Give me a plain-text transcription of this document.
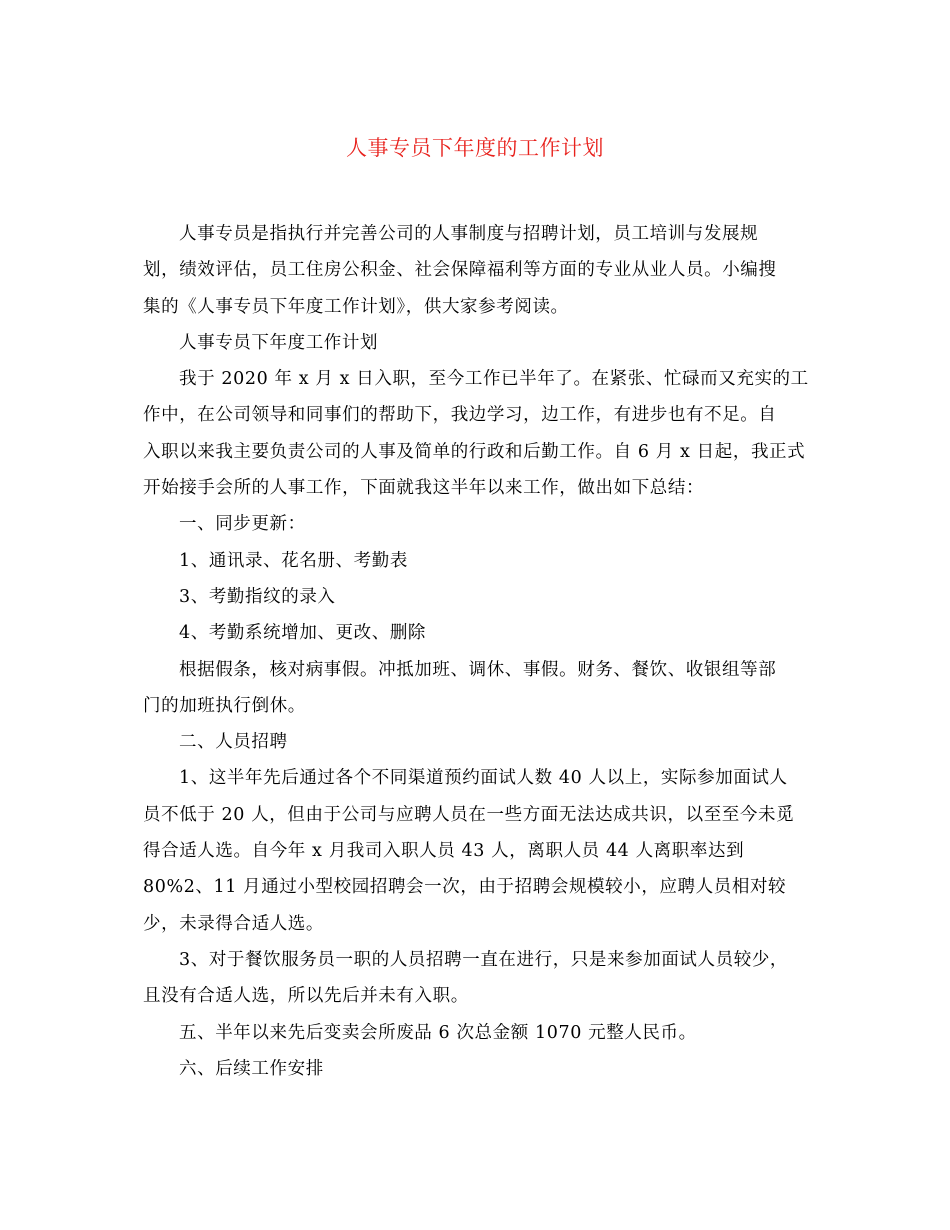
人事专员下年度的工作计划
人事专员是指执行并完善公司的人事制度与招聘计划，员工培训与发展规
划，绩效评估，员工住房公积金、社会保障福利等方面的专业从业人员。小编搜
集的《人事专员下年度工作计划》，供大家参考阅读。
人事专员下年度工作计划
我于 2020 年 x 月 x 日入职，至今工作已半年了。在紧张、忙碌而又充实的工
作中，在公司领导和同事们的帮助下，我边学习，边工作，有进步也有不足。自
入职以来我主要负责公司的人事及简单的行政和后勤工作。自 6 月 x 日起，我正式
开始接手会所的人事工作，下面就我这半年以来工作，做出如下总结：
一、同步更新：
1、通讯录、花名册、考勤表
3、考勤指纹的录入
4、考勤系统增加、更改、删除
根据假条，核对病事假。冲抵加班、调休、事假。财务、餐饮、收银组等部
门的加班执行倒休。
二、人员招聘
1、这半年先后通过各个不同渠道预约面试人数 40 人以上，实际参加面试人
员不低于 20 人，但由于公司与应聘人员在一些方面无法达成共识，以至至今未觅
得合适人选。自今年 x 月我司入职人员 43 人，离职人员 44 人离职率达到
80%2、11 月通过小型校园招聘会一次，由于招聘会规模较小，应聘人员相对较
少，未录得合适人选。
3、对于餐饮服务员一职的人员招聘一直在进行，只是来参加面试人员较少，
且没有合适人选，所以先后并未有入职。
五、半年以来先后变卖会所废品 6 次总金额 1070 元整人民币。
六、后续工作安排
